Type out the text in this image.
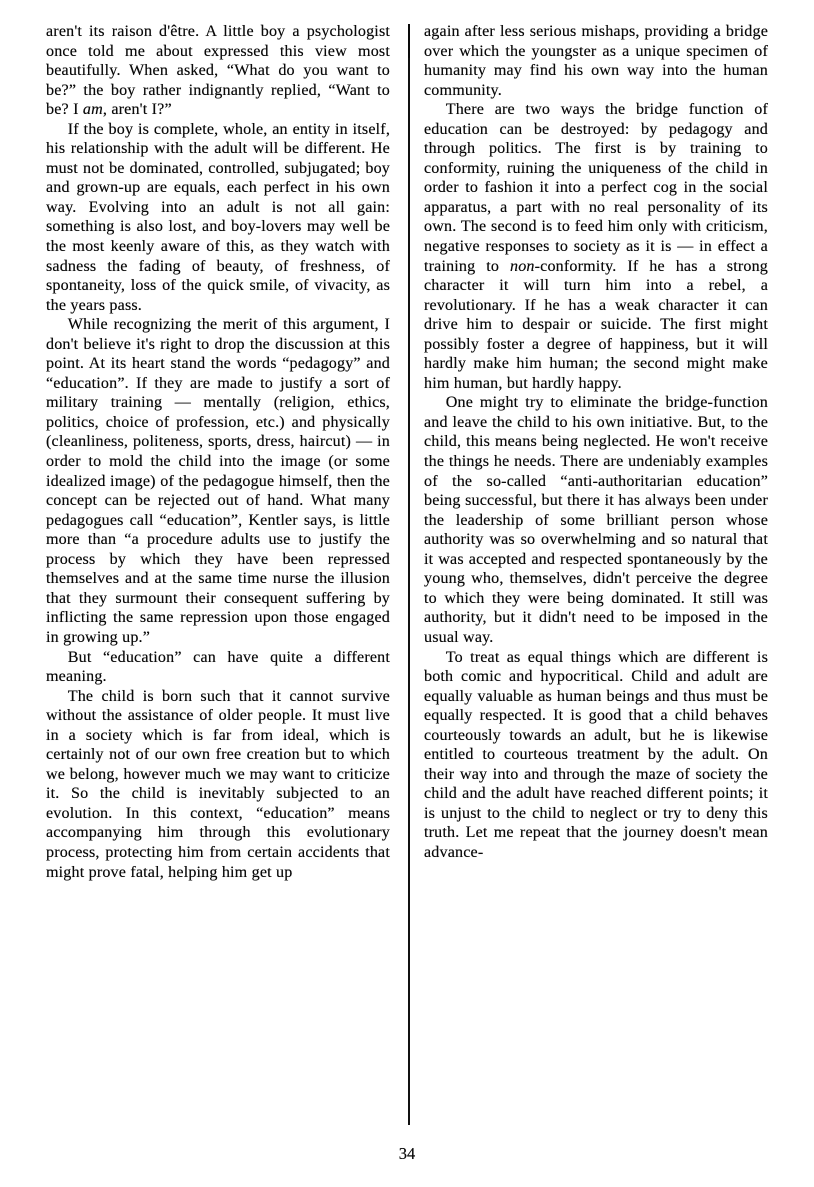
aren't its raison d'être. A little boy a psychologist once told me about expressed this view most beautifully. When asked, “What do you want to be?” the boy rather indignantly replied, “Want to be? I am, aren't I?”

If the boy is complete, whole, an entity in itself, his relationship with the adult will be different. He must not be dominated, controlled, subjugated; boy and grown-up are equals, each perfect in his own way. Evolving into an adult is not all gain: something is also lost, and boy-lovers may well be the most keenly aware of this, as they watch with sadness the fading of beauty, of freshness, of spontaneity, loss of the quick smile, of vivacity, as the years pass.

While recognizing the merit of this argument, I don't believe it's right to drop the discussion at this point. At its heart stand the words “pedagogy” and “education”. If they are made to justify a sort of military training — mentally (religion, ethics, politics, choice of profession, etc.) and physically (cleanliness, politeness, sports, dress, haircut) — in order to mold the child into the image (or some idealized image) of the pedagogue himself, then the concept can be rejected out of hand. What many pedagogues call “education”, Kentler says, is little more than “a procedure adults use to justify the process by which they have been repressed themselves and at the same time nurse the illusion that they surmount their consequent suffering by inflicting the same repression upon those engaged in growing up.”

But “education” can have quite a different meaning.

The child is born such that it cannot survive without the assistance of older people. It must live in a society which is far from ideal, which is certainly not of our own free creation but to which we belong, however much we may want to criticize it. So the child is inevitably subjected to an evolution. In this context, “education” means accompanying him through this evolutionary process, protecting him from certain accidents that might prove fatal, helping him get up

again after less serious mishaps, providing a bridge over which the youngster as a unique specimen of humanity may find his own way into the human community.

There are two ways the bridge function of education can be destroyed: by pedagogy and through politics. The first is by training to conformity, ruining the uniqueness of the child in order to fashion it into a perfect cog in the social apparatus, a part with no real personality of its own. The second is to feed him only with criticism, negative responses to society as it is — in effect a training to non-conformity. If he has a strong character it will turn him into a rebel, a revolutionary. If he has a weak character it can drive him to despair or suicide. The first might possibly foster a degree of happiness, but it will hardly make him human; the second might make him human, but hardly happy.

One might try to eliminate the bridge-function and leave the child to his own initiative. But, to the child, this means being neglected. He won't receive the things he needs. There are undeniably examples of the so-called “anti-authoritarian education” being successful, but there it has always been under the leadership of some brilliant person whose authority was so overwhelming and so natural that it was accepted and respected spontaneously by the young who, themselves, didn't perceive the degree to which they were being dominated. It still was authority, but it didn't need to be imposed in the usual way.

To treat as equal things which are different is both comic and hypocritical. Child and adult are equally valuable as human beings and thus must be equally respected. It is good that a child behaves courteously towards an adult, but he is likewise entitled to courteous treatment by the adult. On their way into and through the maze of society the child and the adult have reached different points; it is unjust to the child to neglect or try to deny this truth. Let me repeat that the journey doesn't mean advance-

34
